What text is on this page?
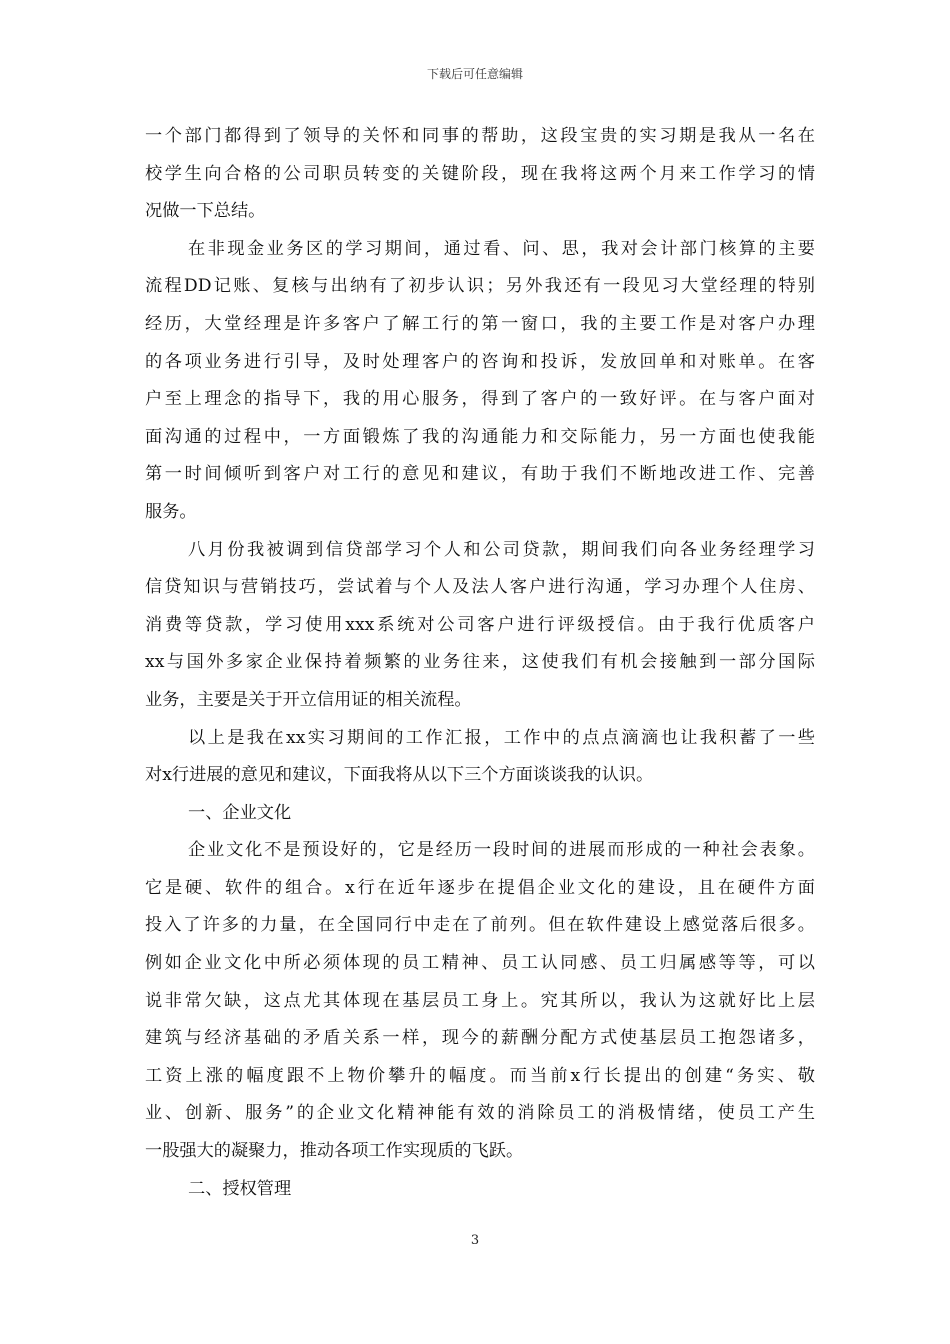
下载后可任意编辑
一个部门都得到了领导的关怀和同事的帮助，这段宝贵的实习期是我从一名在
校学生向合格的公司职员转变的关键阶段，现在我将这两个月来工作学习的情
况做一下总结。
在非现金业务区的学习期间，通过看、问、思，我对会计部门核算的主要
流程DD记账、复核与出纳有了初步认识；另外我还有一段见习大堂经理的特别
经历，大堂经理是许多客户了解工行的第一窗口，我的主要工作是对客户办理
的各项业务进行引导，及时处理客户的咨询和投诉，发放回单和对账单。在客
户至上理念的指导下，我的用心服务，得到了客户的一致好评。在与客户面对
面沟通的过程中，一方面锻炼了我的沟通能力和交际能力，另一方面也使我能
第一时间倾听到客户对工行的意见和建议，有助于我们不断地改进工作、完善
服务。
八月份我被调到信贷部学习个人和公司贷款，期间我们向各业务经理学习
信贷知识与营销技巧，尝试着与个人及法人客户进行沟通，学习办理个人住房、
消费等贷款，学习使用xxx系统对公司客户进行评级授信。由于我行优质客户
xx与国外多家企业保持着频繁的业务往来，这使我们有机会接触到一部分国际
业务，主要是关于开立信用证的相关流程。
以上是我在xx实习期间的工作汇报，工作中的点点滴滴也让我积蓄了一些
对x行进展的意见和建议，下面我将从以下三个方面谈谈我的认识。
一、企业文化
企业文化不是预设好的，它是经历一段时间的进展而形成的一种社会表象。
它是硬、软件的组合。x行在近年逐步在提倡企业文化的建设，且在硬件方面
投入了许多的力量，在全国同行中走在了前列。但在软件建设上感觉落后很多。
例如企业文化中所必须体现的员工精神、员工认同感、员工归属感等等，可以
说非常欠缺，这点尤其体现在基层员工身上。究其所以，我认为这就好比上层
建筑与经济基础的矛盾关系一样，现今的薪酬分配方式使基层员工抱怨诸多，
工资上涨的幅度跟不上物价攀升的幅度。而当前x行长提出的创建“务实、敬
业、创新、服务”的企业文化精神能有效的消除员工的消极情绪，使员工产生
一股强大的凝聚力，推动各项工作实现质的飞跃。
二、授权管理
3
